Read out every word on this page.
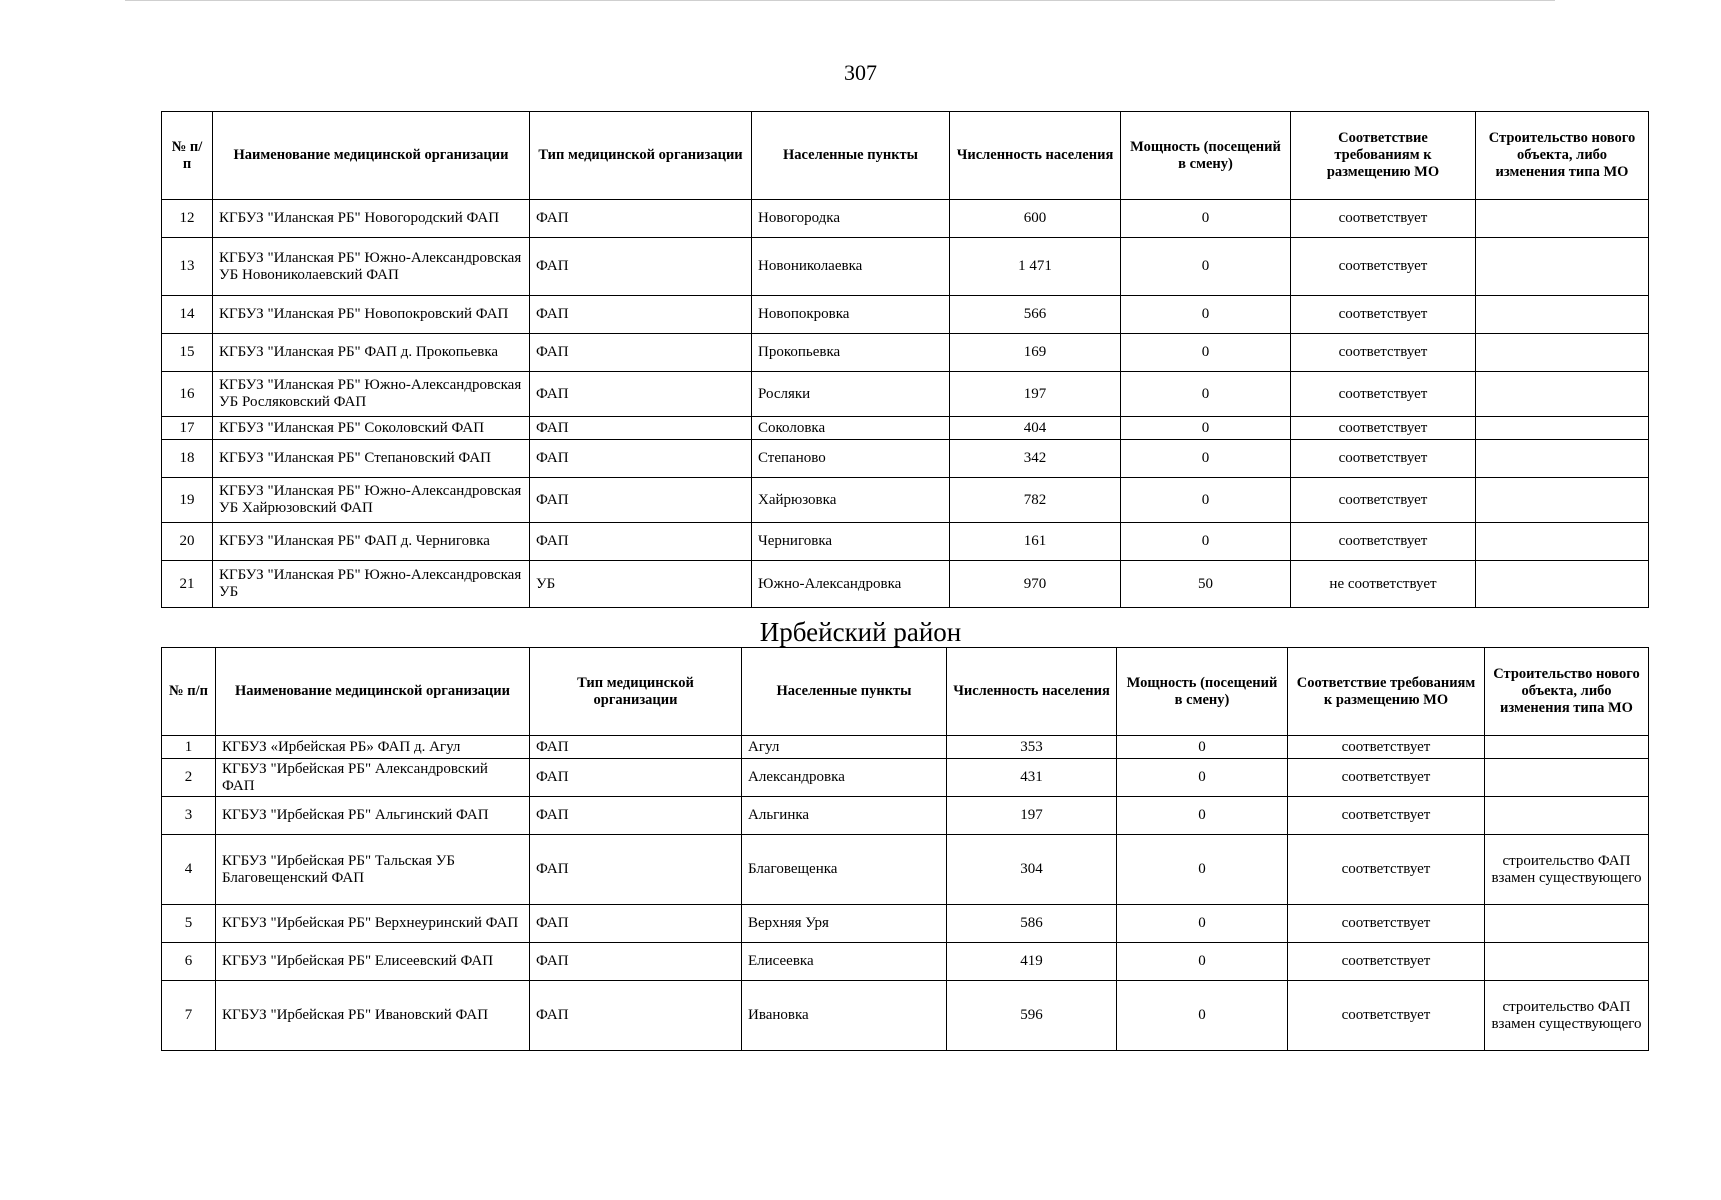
307
№ п/п	Наименование медицинской организации	Тип медицинской организации	Населенные пункты	Численность населения	Мощность (посещений в смену)	Соответствие требованиям к размещению МО	Строительство нового объекта, либо изменения типа МО
12	КГБУЗ "Иланская РБ" Новогородский ФАП	ФАП	Новогородка	600	0	соответствует	
13	КГБУЗ "Иланская РБ" Южно-Александровская УБ Новониколаевский ФАП	ФАП	Новониколаевка	1 471	0	соответствует	
14	КГБУЗ "Иланская РБ" Новопокровский ФАП	ФАП	Новопокровка	566	0	соответствует	
15	КГБУЗ "Иланская РБ" ФАП д. Прокопьевка	ФАП	Прокопьевка	169	0	соответствует	
16	КГБУЗ "Иланская РБ" Южно-Александровская УБ Росляковский ФАП	ФАП	Росляки	197	0	соответствует	
17	КГБУЗ "Иланская РБ" Соколовский ФАП	ФАП	Соколовка	404	0	соответствует	
18	КГБУЗ "Иланская РБ" Степановский ФАП	ФАП	Степаново	342	0	соответствует	
19	КГБУЗ "Иланская РБ" Южно-Александровская УБ Хайрюзовский ФАП	ФАП	Хайрюзовка	782	0	соответствует	
20	КГБУЗ "Иланская РБ" ФАП д. Черниговка	ФАП	Черниговка	161	0	соответствует	
21	КГБУЗ "Иланская РБ" Южно-Александровская УБ	УБ	Южно-Александровка	970	50	не соответствует	
Ирбейский район
№ п/п	Наименование медицинской организации	Тип медицинской организации	Населенные пункты	Численность населения	Мощность (посещений в смену)	Соответствие требованиям к размещению МО	Строительство нового объекта, либо изменения типа МО
1	КГБУЗ «Ирбейская РБ» ФАП д. Агул	ФАП	Агул	353	0	соответствует	
2	КГБУЗ "Ирбейская РБ" Александровский ФАП	ФАП	Александровка	431	0	соответствует	
3	КГБУЗ "Ирбейская РБ" Альгинский ФАП	ФАП	Альгинка	197	0	соответствует	
4	КГБУЗ "Ирбейская РБ" Тальская УБ Благовещенский ФАП	ФАП	Благовещенка	304	0	соответствует	строительство ФАП взамен существующего
5	КГБУЗ "Ирбейская РБ" Верхнеуринский ФАП	ФАП	Верхняя Уря	586	0	соответствует	
6	КГБУЗ "Ирбейская РБ" Елисеевский ФАП	ФАП	Елисеевка	419	0	соответствует	
7	КГБУЗ "Ирбейская РБ" Ивановский ФАП	ФАП	Ивановка	596	0	соответствует	строительство ФАП взамен существующего
